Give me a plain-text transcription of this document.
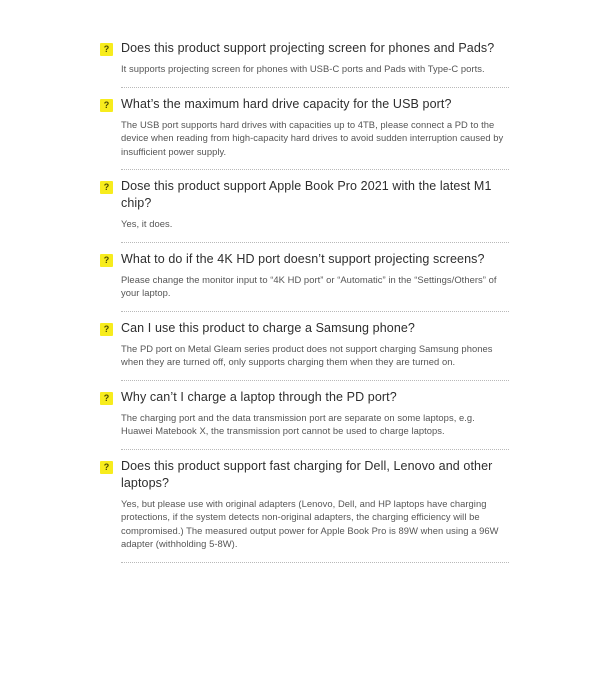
? Does this product support projecting screen for phones and Pads?
It supports projecting screen for phones with USB-C ports and Pads with Type-C ports.
? What’s the maximum hard drive capacity for the USB port?
The USB port supports hard drives with capacities up to 4TB, please connect a PD to the device when reading from high-capacity hard drives to avoid sudden interruption caused by insufficient power supply.
? Dose this product support Apple Book Pro 2021 with the latest M1 chip?
Yes, it does.
? What to do if the 4K HD port doesn’t support projecting screens?
Please change the monitor input to “4K HD port” or “Automatic” in the “Settings/Others” of your laptop.
? Can I use this product to charge a Samsung phone?
The PD port on Metal Gleam series product does not support charging Samsung phones when they are turned off, only supports charging them when they are turned on.
? Why can’t I charge a laptop through the PD port?
The charging port and the data transmission port are separate on some laptops, e.g. Huawei Matebook X, the transmission port cannot be used to charge laptops.
? Does this product support fast charging for Dell, Lenovo and other laptops?
Yes, but please use with original adapters (Lenovo, Dell, and HP laptops have charging protections, if the system detects non-original adapters, the charging efficiency will be compromised.) The measured output power for Apple Book Pro is 89W when using a 96W adapter (withholding 5-8W).
